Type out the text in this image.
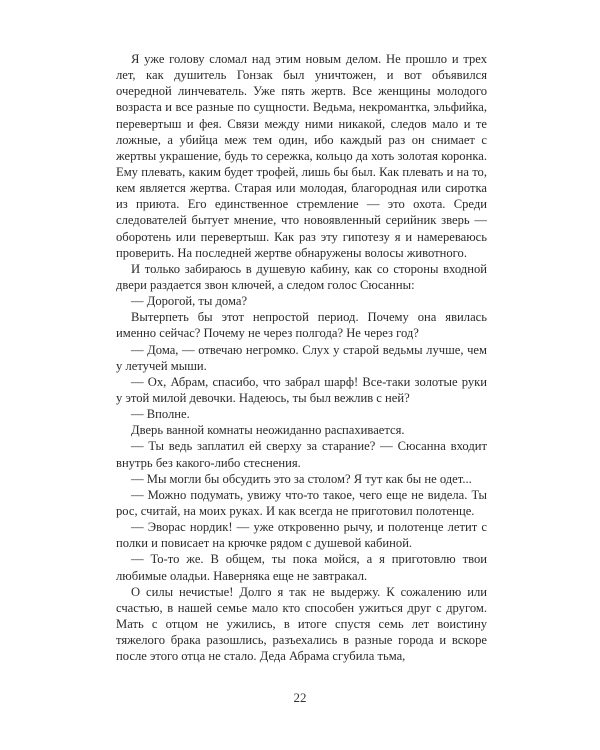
Я уже голову сломал над этим новым делом. Не прошло и трех лет, как душитель Гонзак был уничтожен, и вот объявился очередной линчеватель. Уже пять жертв. Все женщины молодого возраста и все разные по сущности. Ведьма, некромантка, эльфийка, перевертыш и фея. Связи между ними никакой, следов мало и те ложные, а убийца меж тем один, ибо каждый раз он снимает с жертвы украшение, будь то сережка, кольцо да хоть золотая коронка. Ему плевать, каким будет трофей, лишь бы был. Как плевать и на то, кем является жертва. Старая или молодая, благородная или сиротка из приюта. Его единственное стремление — это охота. Среди следователей бытует мнение, что новоявленный серийник зверь — оборотень или перевертыш. Как раз эту гипотезу я и намереваюсь проверить. На последней жертве обнаружены волосы животного.

И только забираюсь в душевую кабину, как со стороны входной двери раздается звон ключей, а следом голос Сюсанны:

— Дорогой, ты дома?

Вытерпеть бы этот непростой период. Почему она явилась именно сейчас? Почему не через полгода? Не через год?

— Дома, — отвечаю негромко. Слух у старой ведьмы лучше, чем у летучей мыши.

— Ох, Абрам, спасибо, что забрал шарф! Все-таки золотые руки у этой милой девочки. Надеюсь, ты был вежлив с ней?

— Вполне.

Дверь ванной комнаты неожиданно распахивается.

— Ты ведь заплатил ей сверху за старание? — Сюсанна входит внутрь без какого-либо стеснения.

— Мы могли бы обсудить это за столом? Я тут как бы не одет...

— Можно подумать, увижу что-то такое, чего еще не видела. Ты рос, считай, на моих руках. И как всегда не приготовил полотенце.

— Эворас нордик! — уже откровенно рычу, и полотенце летит с полки и повисает на крючке рядом с душевой кабиной.

— То-то же. В общем, ты пока мойся, а я приготовлю твои любимые оладьи. Наверняка еще не завтракал.

О силы нечистые! Долго я так не выдержу. К сожалению или счастью, в нашей семье мало кто способен ужиться друг с другом. Мать с отцом не ужились, в итоге спустя семь лет воистину тяжелого брака разошлись, разъехались в разные города и вскоре после этого отца не стало. Деда Абрама сгубила тьма,

22
